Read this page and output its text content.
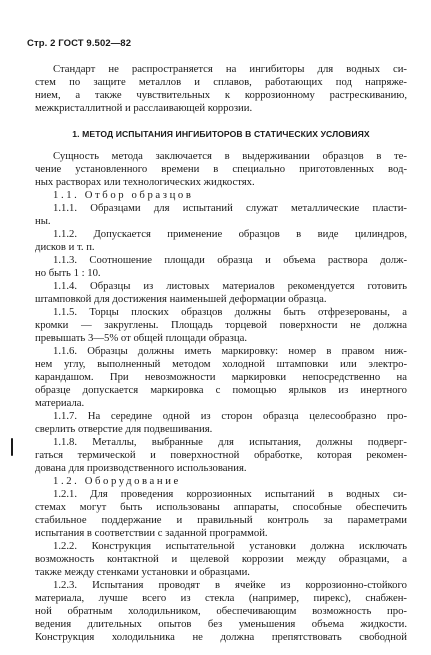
Стр. 2 ГОСТ 9.502—82
Стандарт не распространяется на ингибиторы для водных си-
стем по защите металлов и сплавов, работающих под напряже-
нием, а также чувствительных к коррозионному растрескиванию,
межкристаллитной и расслаивающей коррозии.
1. МЕТОД ИСПЫТАНИЯ ИНГИБИТОРОВ В СТАТИЧЕСКИХ УСЛОВИЯХ
Сущность метода заключается в выдерживании образцов в те-
чение установленного времени в специально приготовленных вод-
ных растворах или технологических жидкостях.
1.1. Отбор образцов
1.1.1. Образцами для испытаний служат металлические пласти-
ны.
1.1.2. Допускается применение образцов в виде цилиндров,
дисков и т. п.
1.1.3. Соотношение площади образца и объема раствора долж-
но быть 1 : 10.
1.1.4. Образцы из листовых материалов рекомендуется готовить
штамповкой для достижения наименьшей деформации образца.
1.1.5. Торцы плоских образцов должны быть отфрезерованы, а
кромки — закруглены. Площадь торцевой поверхности не должна
превышать 3—5% от общей площади образца.
1.1.6. Образцы должны иметь маркировку: номер в правом ниж-
нем углу, выполненный методом холодной штамповки или электро-
карандашом. При невозможности маркировки непосредственно на
образце допускается маркировка с помощью ярлыков из инертного
материала.
1.1.7. На середине одной из сторон образца целесообразно про-
сверлить отверстие для подвешивания.
1.1.8. Металлы, выбранные для испытания, должны подверг-
гаться термической и поверхностной обработке, которая рекомен-
дована для производственного использования.
1.2. Оборудование
1.2.1. Для проведения коррозионных испытаний в водных си-
стемах могут быть использованы аппараты, способные обеспечить
стабильное поддержание и правильный контроль за параметрами
испытания в соответствии с заданной программой.
1.2.2. Конструкция испытательной установки должна исключать
возможность контактной и щелевой коррозии между образцами, а
также между стенками установки и образцами.
1.2.3. Испытания проводят в ячейке из коррозионно-стойкого
материала, лучше всего из стекла (например, пирекс), снабжен-
ной обратным холодильником, обеспечивающим возможность про-
ведения длительных опытов без уменьшения объема жидкости.
Конструкция холодильника не должна препятствовать свободной
